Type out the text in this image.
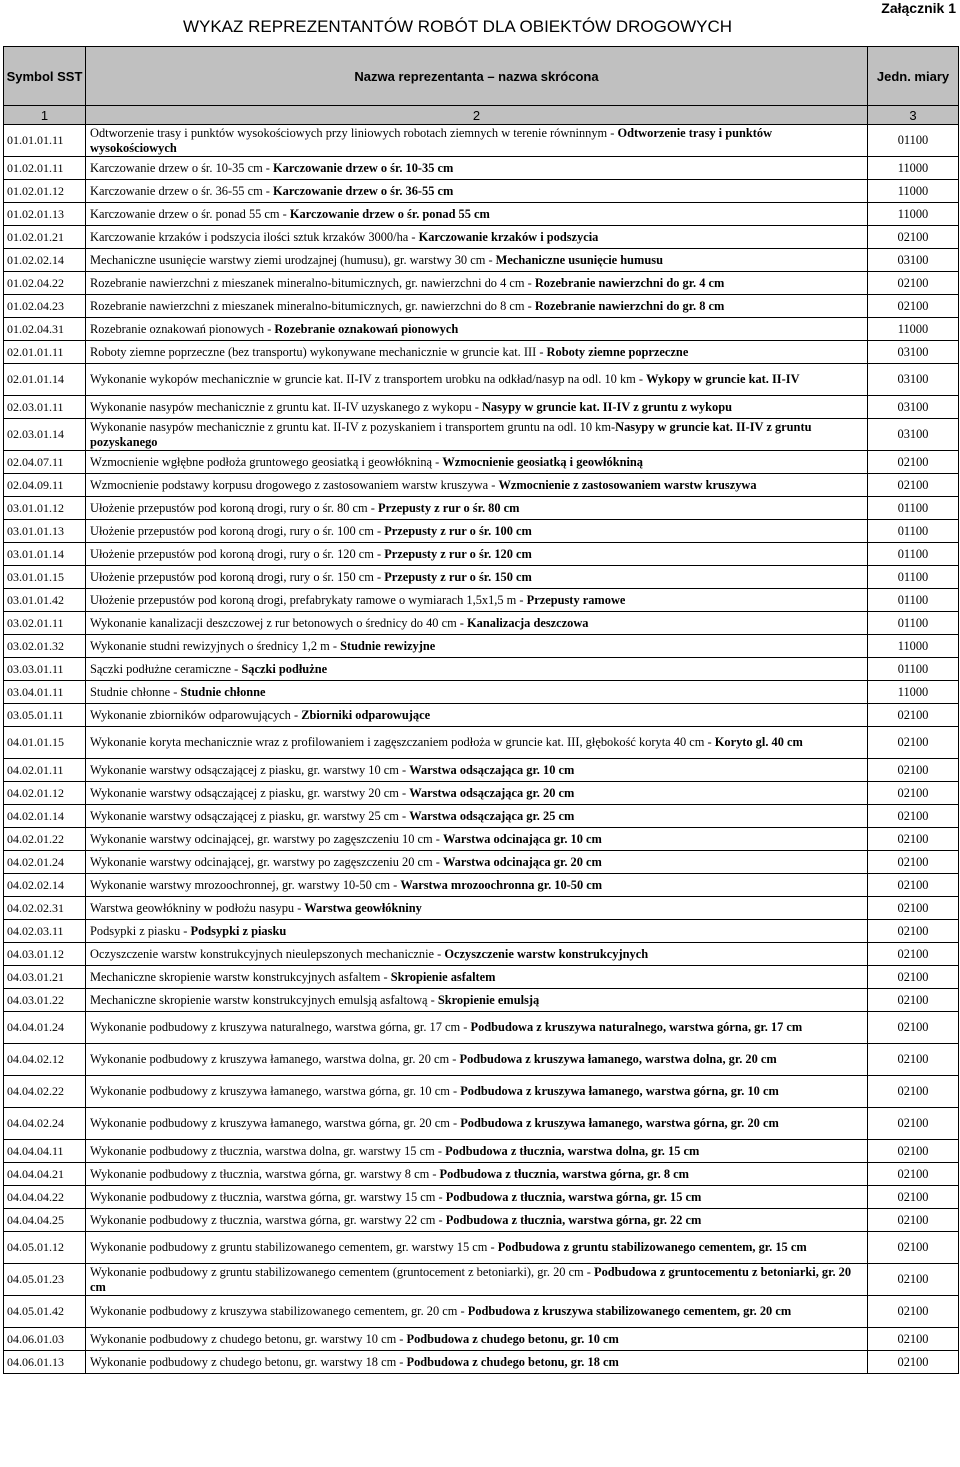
WYKAZ REPREZENTANTÓW ROBÓT DLA OBIEKTÓW DROGOWYCH
Załącznik 1
Symbol SST	Nazwa reprezentanta – nazwa skrócona	Jedn. miary
1	2	3
01.01.01.11	Odtworzenie trasy i punktów wysokościowych przy liniowych robotach ziemnych w terenie równinnym - Odtworzenie trasy i punktów wysokościowych	01100
01.02.01.11	Karczowanie drzew o śr. 10-35 cm - Karczowanie drzew o śr. 10-35 cm	11000
01.02.01.12	Karczowanie drzew o śr. 36-55 cm - Karczowanie drzew o śr. 36-55 cm	11000
01.02.01.13	Karczowanie drzew o śr. ponad 55 cm - Karczowanie drzew o śr. ponad 55 cm	11000
01.02.01.21	Karczowanie krzaków i podszycia ilości sztuk krzaków 3000/ha - Karczowanie krzaków i podszycia	02100
01.02.02.14	Mechaniczne usunięcie warstwy ziemi urodzajnej (humusu), gr. warstwy 30 cm - Mechaniczne usunięcie humusu	03100
01.02.04.22	Rozebranie nawierzchni z mieszanek mineralno-bitumicznych, gr. nawierzchni do 4 cm - Rozebranie nawierzchni do gr. 4 cm	02100
01.02.04.23	Rozebranie nawierzchni z mieszanek mineralno-bitumicznych, gr. nawierzchni do 8 cm - Rozebranie nawierzchni do gr. 8 cm	02100
01.02.04.31	Rozebranie oznakowań pionowych - Rozebranie oznakowań pionowych	11000
02.01.01.11	Roboty ziemne poprzeczne (bez transportu) wykonywane mechanicznie w gruncie kat. III - Roboty ziemne poprzeczne	03100
02.01.01.14	Wykonanie wykopów mechanicznie w gruncie kat. II-IV z transportem urobku na odkład/nasyp na odl. 10 km - Wykopy w gruncie kat. II-IV	03100
02.03.01.11	Wykonanie nasypów mechanicznie z gruntu kat. II-IV uzyskanego z wykopu - Nasypy w gruncie kat. II-IV z gruntu z wykopu	03100
02.03.01.14	Wykonanie nasypów mechanicznie z gruntu kat. II-IV z pozyskaniem i transportem gruntu na odl. 10 km-Nasypy w gruncie kat. II-IV z gruntu pozyskanego	03100
02.04.07.11	Wzmocnienie wgłębne podłoża gruntowego geosiatką i geowłókniną - Wzmocnienie geosiatką i geowłókniną	02100
02.04.09.11	Wzmocnienie podstawy korpusu drogowego z zastosowaniem warstw kruszywa - Wzmocnienie z zastosowaniem warstw kruszywa	02100
03.01.01.12	Ułożenie przepustów pod koroną drogi, rury o śr. 80 cm - Przepusty z rur o śr. 80 cm	01100
03.01.01.13	Ułożenie przepustów pod koroną drogi, rury o śr. 100 cm - Przepusty z rur o śr. 100 cm	01100
03.01.01.14	Ułożenie przepustów pod koroną drogi, rury o śr. 120 cm - Przepusty z rur o śr. 120 cm	01100
03.01.01.15	Ułożenie przepustów pod koroną drogi, rury o śr. 150 cm - Przepusty z rur o śr. 150 cm	01100
03.01.01.42	Ułożenie przepustów pod koroną drogi, prefabrykaty ramowe o wymiarach 1,5x1,5 m - Przepusty ramowe	01100
03.02.01.11	Wykonanie kanalizacji deszczowej z rur betonowych o średnicy do 40 cm - Kanalizacja deszczowa	01100
03.02.01.32	Wykonanie studni rewizyjnych o średnicy 1,2 m - Studnie rewizyjne	11000
03.03.01.11	Sączki podłużne ceramiczne - Sączki podłużne	01100
03.04.01.11	Studnie chłonne - Studnie chłonne	11000
03.05.01.11	Wykonanie zbiorników odparowujących - Zbiorniki odparowujące	02100
04.01.01.15	Wykonanie koryta mechanicznie wraz z profilowaniem i zagęszczaniem podłoża w gruncie kat. III, głębokość koryta 40 cm - Koryto gl. 40 cm	02100
04.02.01.11	Wykonanie warstwy odsączającej z piasku, gr. warstwy 10 cm - Warstwa odsączająca gr. 10 cm	02100
04.02.01.12	Wykonanie warstwy odsączającej z piasku, gr. warstwy 20 cm - Warstwa odsączająca gr. 20 cm	02100
04.02.01.14	Wykonanie warstwy odsączającej z piasku, gr. warstwy 25 cm - Warstwa odsączająca gr. 25 cm	02100
04.02.01.22	Wykonanie warstwy odcinającej, gr. warstwy po zagęszczeniu 10 cm - Warstwa odcinająca gr. 10 cm	02100
04.02.01.24	Wykonanie warstwy odcinającej, gr. warstwy po zagęszczeniu 20 cm - Warstwa odcinająca gr. 20 cm	02100
04.02.02.14	Wykonanie warstwy mrozoochronnej, gr. warstwy 10-50 cm - Warstwa mrozoochronna gr. 10-50 cm	02100
04.02.02.31	Warstwa geowłókniny w podłożu nasypu - Warstwa geowłókniny	02100
04.02.03.11	Podsypki z piasku - Podsypki z piasku	02100
04.03.01.12	Oczyszczenie warstw konstrukcyjnych nieulepszonych mechanicznie - Oczyszczenie warstw konstrukcyjnych	02100
04.03.01.21	Mechaniczne skropienie warstw konstrukcyjnych asfaltem - Skropienie asfaltem	02100
04.03.01.22	Mechaniczne skropienie warstw konstrukcyjnych emulsją asfaltową - Skropienie emulsją	02100
04.04.01.24	Wykonanie podbudowy z kruszywa naturalnego, warstwa górna, gr. 17 cm - Podbudowa z kruszywa naturalnego, warstwa górna, gr. 17 cm	02100
04.04.02.12	Wykonanie podbudowy z kruszywa łamanego, warstwa dolna, gr. 20 cm - Podbudowa z kruszywa łamanego, warstwa dolna, gr. 20 cm	02100
04.04.02.22	Wykonanie podbudowy z kruszywa łamanego, warstwa górna, gr. 10 cm - Podbudowa z kruszywa łamanego, warstwa górna, gr. 10 cm	02100
04.04.02.24	Wykonanie podbudowy z kruszywa łamanego, warstwa górna, gr. 20 cm - Podbudowa z kruszywa łamanego, warstwa górna, gr. 20 cm	02100
04.04.04.11	Wykonanie podbudowy z tłucznia, warstwa dolna, gr. warstwy 15 cm - Podbudowa z tłucznia, warstwa dolna, gr. 15 cm	02100
04.04.04.21	Wykonanie podbudowy z tłucznia, warstwa górna, gr. warstwy 8 cm - Podbudowa z tłucznia, warstwa górna, gr. 8 cm	02100
04.04.04.22	Wykonanie podbudowy z tłucznia, warstwa górna, gr. warstwy 15 cm - Podbudowa z tłucznia, warstwa górna, gr. 15 cm	02100
04.04.04.25	Wykonanie podbudowy z tłucznia, warstwa górna, gr. warstwy 22 cm - Podbudowa z tłucznia, warstwa górna, gr. 22 cm	02100
04.05.01.12	Wykonanie podbudowy z gruntu stabilizowanego cementem, gr. warstwy 15 cm - Podbudowa z gruntu stabilizowanego cementem, gr. 15 cm	02100
04.05.01.23	Wykonanie podbudowy z gruntu stabilizowanego cementem (gruntocement z betoniarki), gr. 20 cm - Podbudowa z gruntocementu z betoniarki, gr. 20 cm	02100
04.05.01.42	Wykonanie podbudowy z kruszywa stabilizowanego cementem, gr. 20 cm - Podbudowa z kruszywa stabilizowanego cementem, gr. 20 cm	02100
04.06.01.03	Wykonanie podbudowy z chudego betonu, gr. warstwy 10 cm - Podbudowa z chudego betonu, gr. 10 cm	02100
04.06.01.13	Wykonanie podbudowy z chudego betonu, gr. warstwy 18 cm - Podbudowa z chudego betonu, gr. 18 cm	02100
